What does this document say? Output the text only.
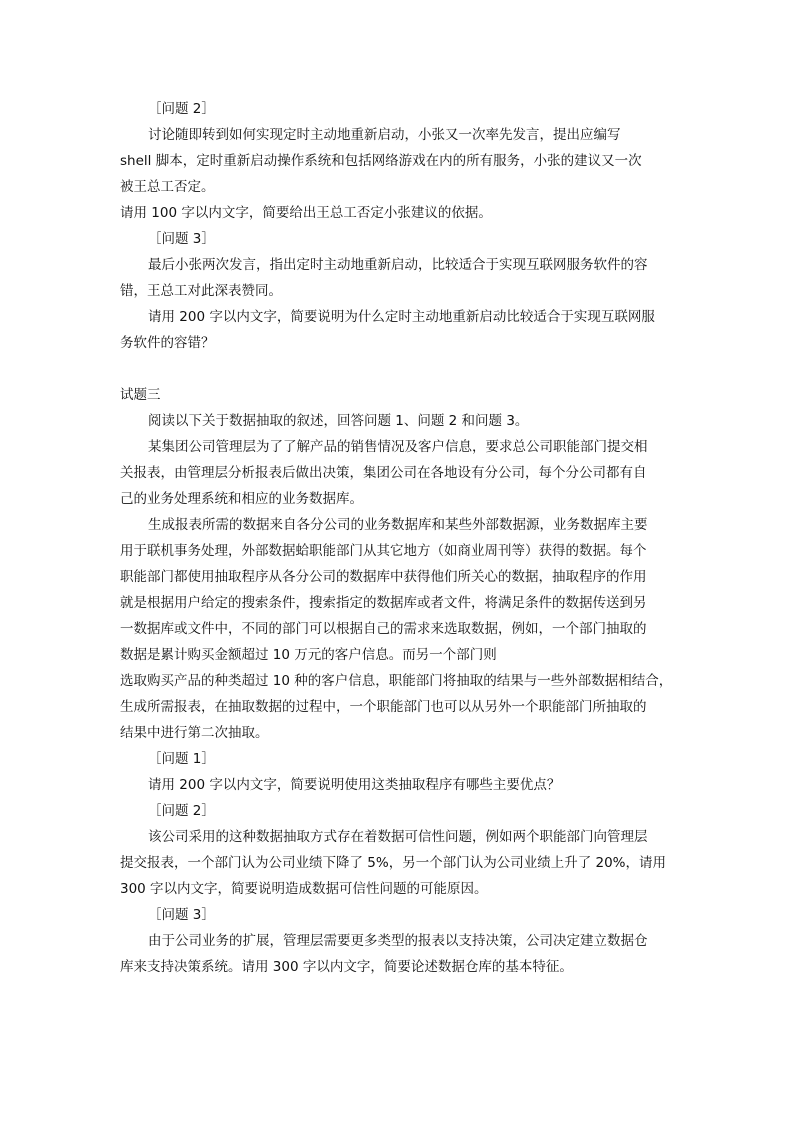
［问题 2］
讨论随即转到如何实现定时主动地重新启动，小张又一次率先发言，提出应编写
shell 脚本，定时重新启动操作系统和包括网络游戏在内的所有服务，小张的建议又一次
被王总工否定。
请用 100 字以内文字，简要给出王总工否定小张建议的依据。
［问题 3］
最后小张两次发言，指出定时主动地重新启动，比较适合于实现互联网服务软件的容
错，王总工对此深表赞同。
请用 200 字以内文字，简要说明为什么定时主动地重新启动比较适合于实现互联网服
务软件的容错？
试题三
阅读以下关于数据抽取的叙述，回答问题 1、问题 2 和问题 3。
某集团公司管理层为了了解产品的销售情况及客户信息，要求总公司职能部门提交相
关报表，由管理层分析报表后做出决策，集团公司在各地设有分公司，每个分公司都有自
己的业务处理系统和相应的业务数据库。
生成报表所需的数据来自各分公司的业务数据库和某些外部数据源，业务数据库主要
用于联机事务处理，外部数据蛤职能部门从其它地方（如商业周刊等）获得的数据。每个
职能部门都使用抽取程序从各分公司的数据库中获得他们所关心的数据，抽取程序的作用
就是根据用户给定的搜索条件，搜索指定的数据库或者文件，将满足条件的数据传送到另
一数据库或文件中，不同的部门可以根据自己的需求来选取数据，例如，一个部门抽取的
数据是累计购买金额超过 10 万元的客户信息。而另一个部门则
选取购买产品的种类超过 10 种的客户信息，职能部门将抽取的结果与一些外部数据相结合，
生成所需报表，在抽取数据的过程中，一个职能部门也可以从另外一个职能部门所抽取的
结果中进行第二次抽取。
［问题 1］
请用 200 字以内文字，简要说明使用这类抽取程序有哪些主要优点？
［问题 2］
该公司采用的这种数据抽取方式存在着数据可信性问题，例如两个职能部门向管理层
提交报表，一个部门认为公司业绩下降了 5%，另一个部门认为公司业绩上升了 20%，请用
300 字以内文字，简要说明造成数据可信性问题的可能原因。
［问题 3］
由于公司业务的扩展，管理层需要更多类型的报表以支持决策，公司决定建立数据仓
库来支持决策系统。请用 300 字以内文字，简要论述数据仓库的基本特征。
